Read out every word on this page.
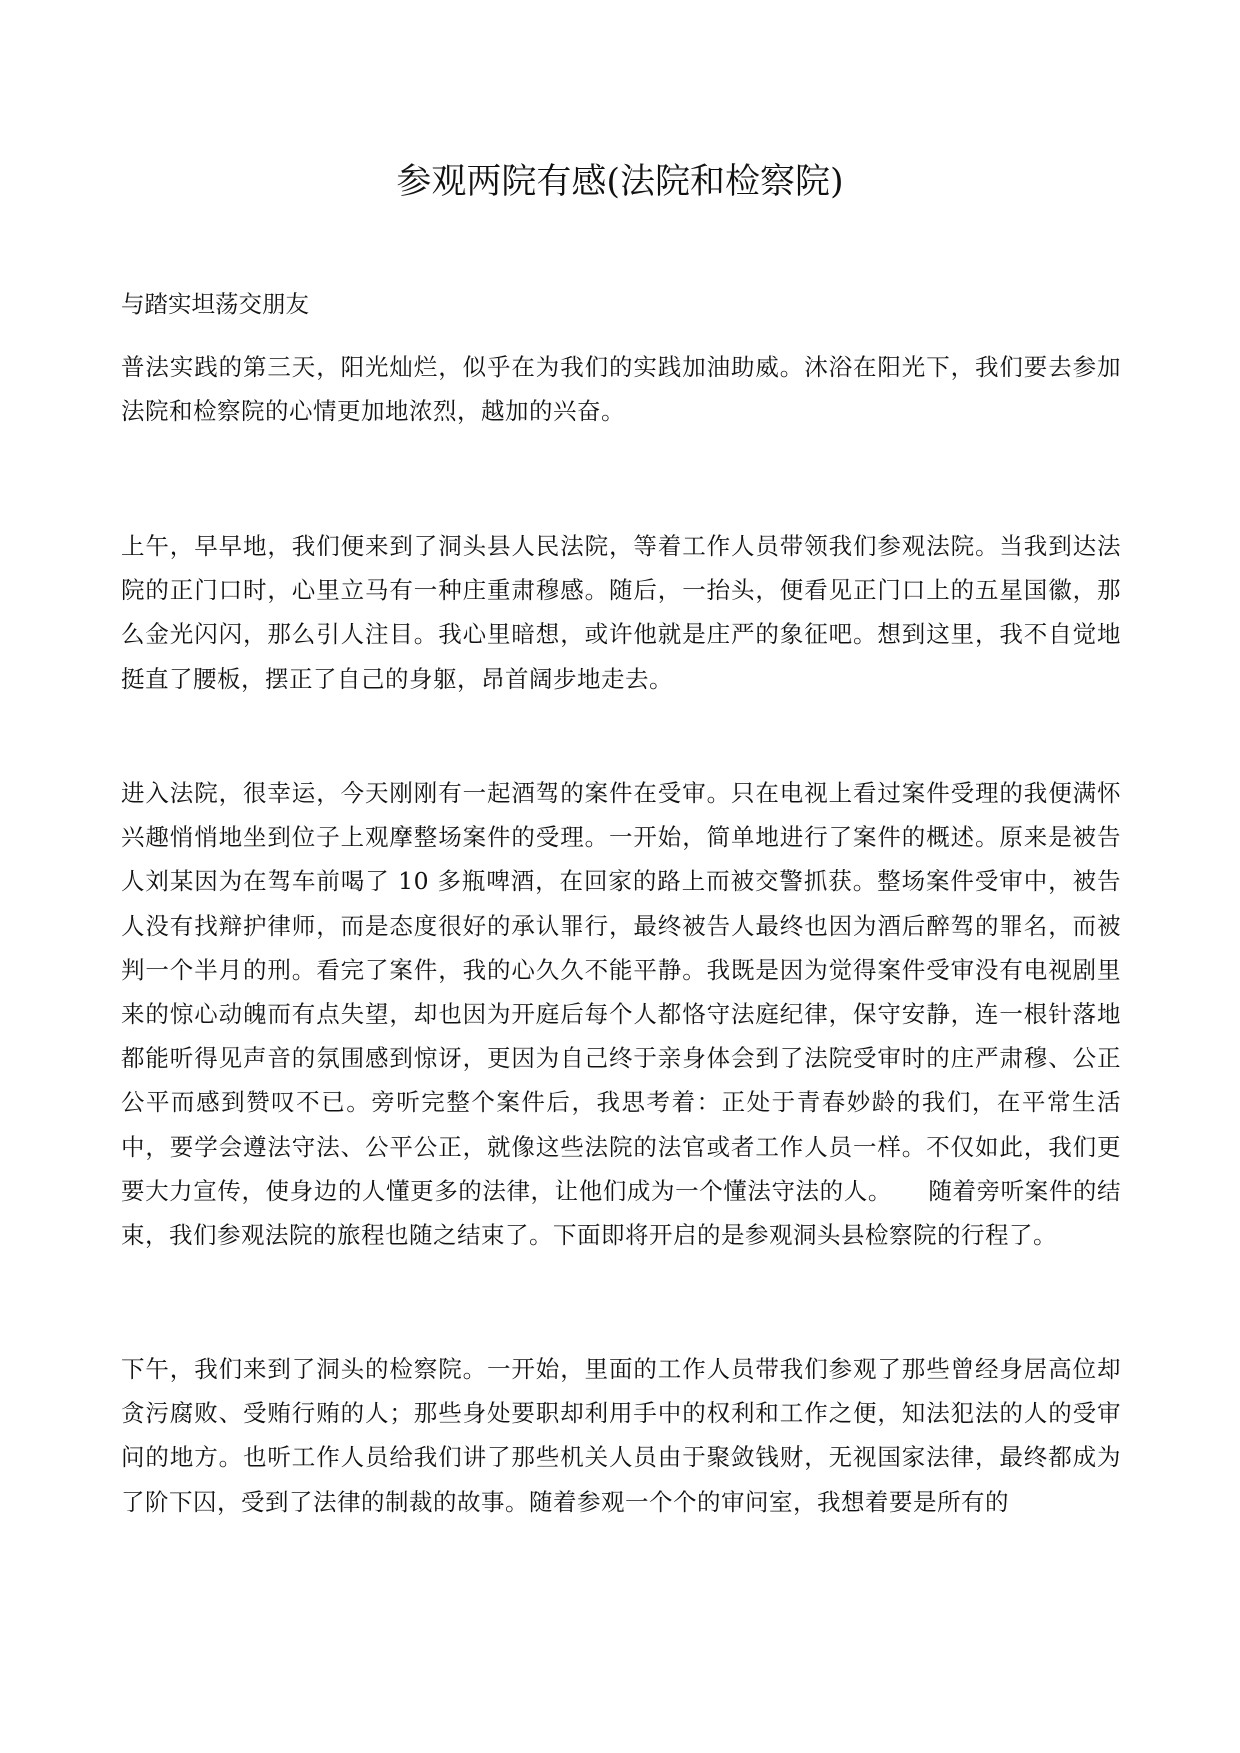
参观两院有感(法院和检察院)

与踏实坦荡交朋友

普法实践的第三天，阳光灿烂，似乎在为我们的实践加油助威。沐浴在阳光下，我们要去参加法院和检察院的心情更加地浓烈，越加的兴奋。

上午，早早地，我们便来到了洞头县人民法院，等着工作人员带领我们参观法院。当我到达法院的正门口时，心里立马有一种庄重肃穆感。随后，一抬头，便看见正门口上的五星国徽，那么金光闪闪，那么引人注目。我心里暗想，或许他就是庄严的象征吧。想到这里，我不自觉地挺直了腰板，摆正了自己的身躯，昂首阔步地走去。

进入法院，很幸运，今天刚刚有一起酒驾的案件在受审。只在电视上看过案件受理的我便满怀兴趣悄悄地坐到位子上观摩整场案件的受理。一开始，简单地进行了案件的概述。原来是被告人刘某因为在驾车前喝了 10 多瓶啤酒，在回家的路上而被交警抓获。整场案件受审中，被告人没有找辩护律师，而是态度很好的承认罪行，最终被告人最终也因为酒后醉驾的罪名，而被判一个半月的刑。看完了案件，我的心久久不能平静。我既是因为觉得案件受审没有电视剧里来的惊心动魄而有点失望，却也因为开庭后每个人都恪守法庭纪律，保守安静，连一根针落地都能听得见声音的氛围感到惊讶，更因为自己终于亲身体会到了法院受审时的庄严肃穆、公正公平而感到赞叹不已。旁听完整个案件后，我思考着：正处于青春妙龄的我们，在平常生活中，要学会遵法守法、公平公正，就像这些法院的法官或者工作人员一样。不仅如此，我们更要大力宣传，使身边的人懂更多的法律，让他们成为一个懂法守法的人。　　随着旁听案件的结束，我们参观法院的旅程也随之结束了。下面即将开启的是参观洞头县检察院的行程了。

下午，我们来到了洞头的检察院。一开始，里面的工作人员带我们参观了那些曾经身居高位却贪污腐败、受贿行贿的人；那些身处要职却利用手中的权利和工作之便，知法犯法的人的受审问的地方。也听工作人员给我们讲了那些机关人员由于聚敛钱财，无视国家法律，最终都成为了阶下囚，受到了法律的制裁的故事。随着参观一个个的审问室，我想着要是所有的
